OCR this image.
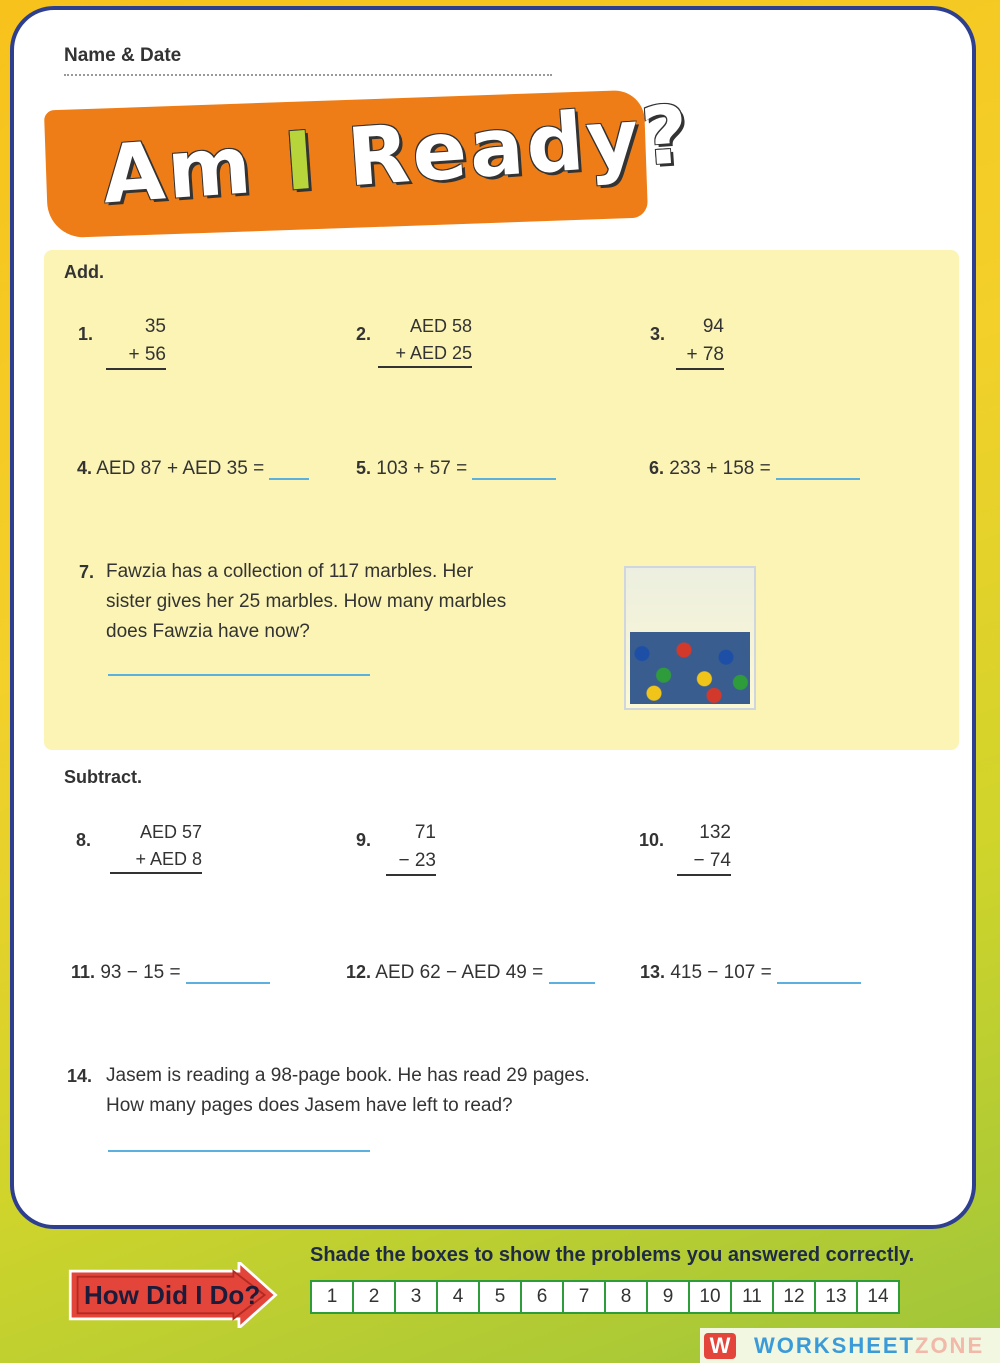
Name & Date
Am I Ready?
Add.
1.	35
+ 56
2.	AED 58
+ AED 25
3.	94
+ 78
4. AED 87 + AED 35 =	5. 103 + 57 =	6. 233 + 158 =
7. Fawzia has a collection of 117 marbles. Her
sister gives her 25 marbles. How many marbles
does Fawzia have now?
Subtract.
8.	AED 57
+ AED 8
9.	71
− 23
10.	132
− 74
11. 93 − 15 =	12. AED 62 − AED 49 =	13. 415 − 107 =
14. Jasem is reading a 98-page book. He has read 29 pages.
How many pages does Jasem have left to read?
How Did I Do?
Shade the boxes to show the problems you answered correctly.
1	2	3	4	5	6	7	8	9	10	11	12	13	14
W WORKSHEETZONE
